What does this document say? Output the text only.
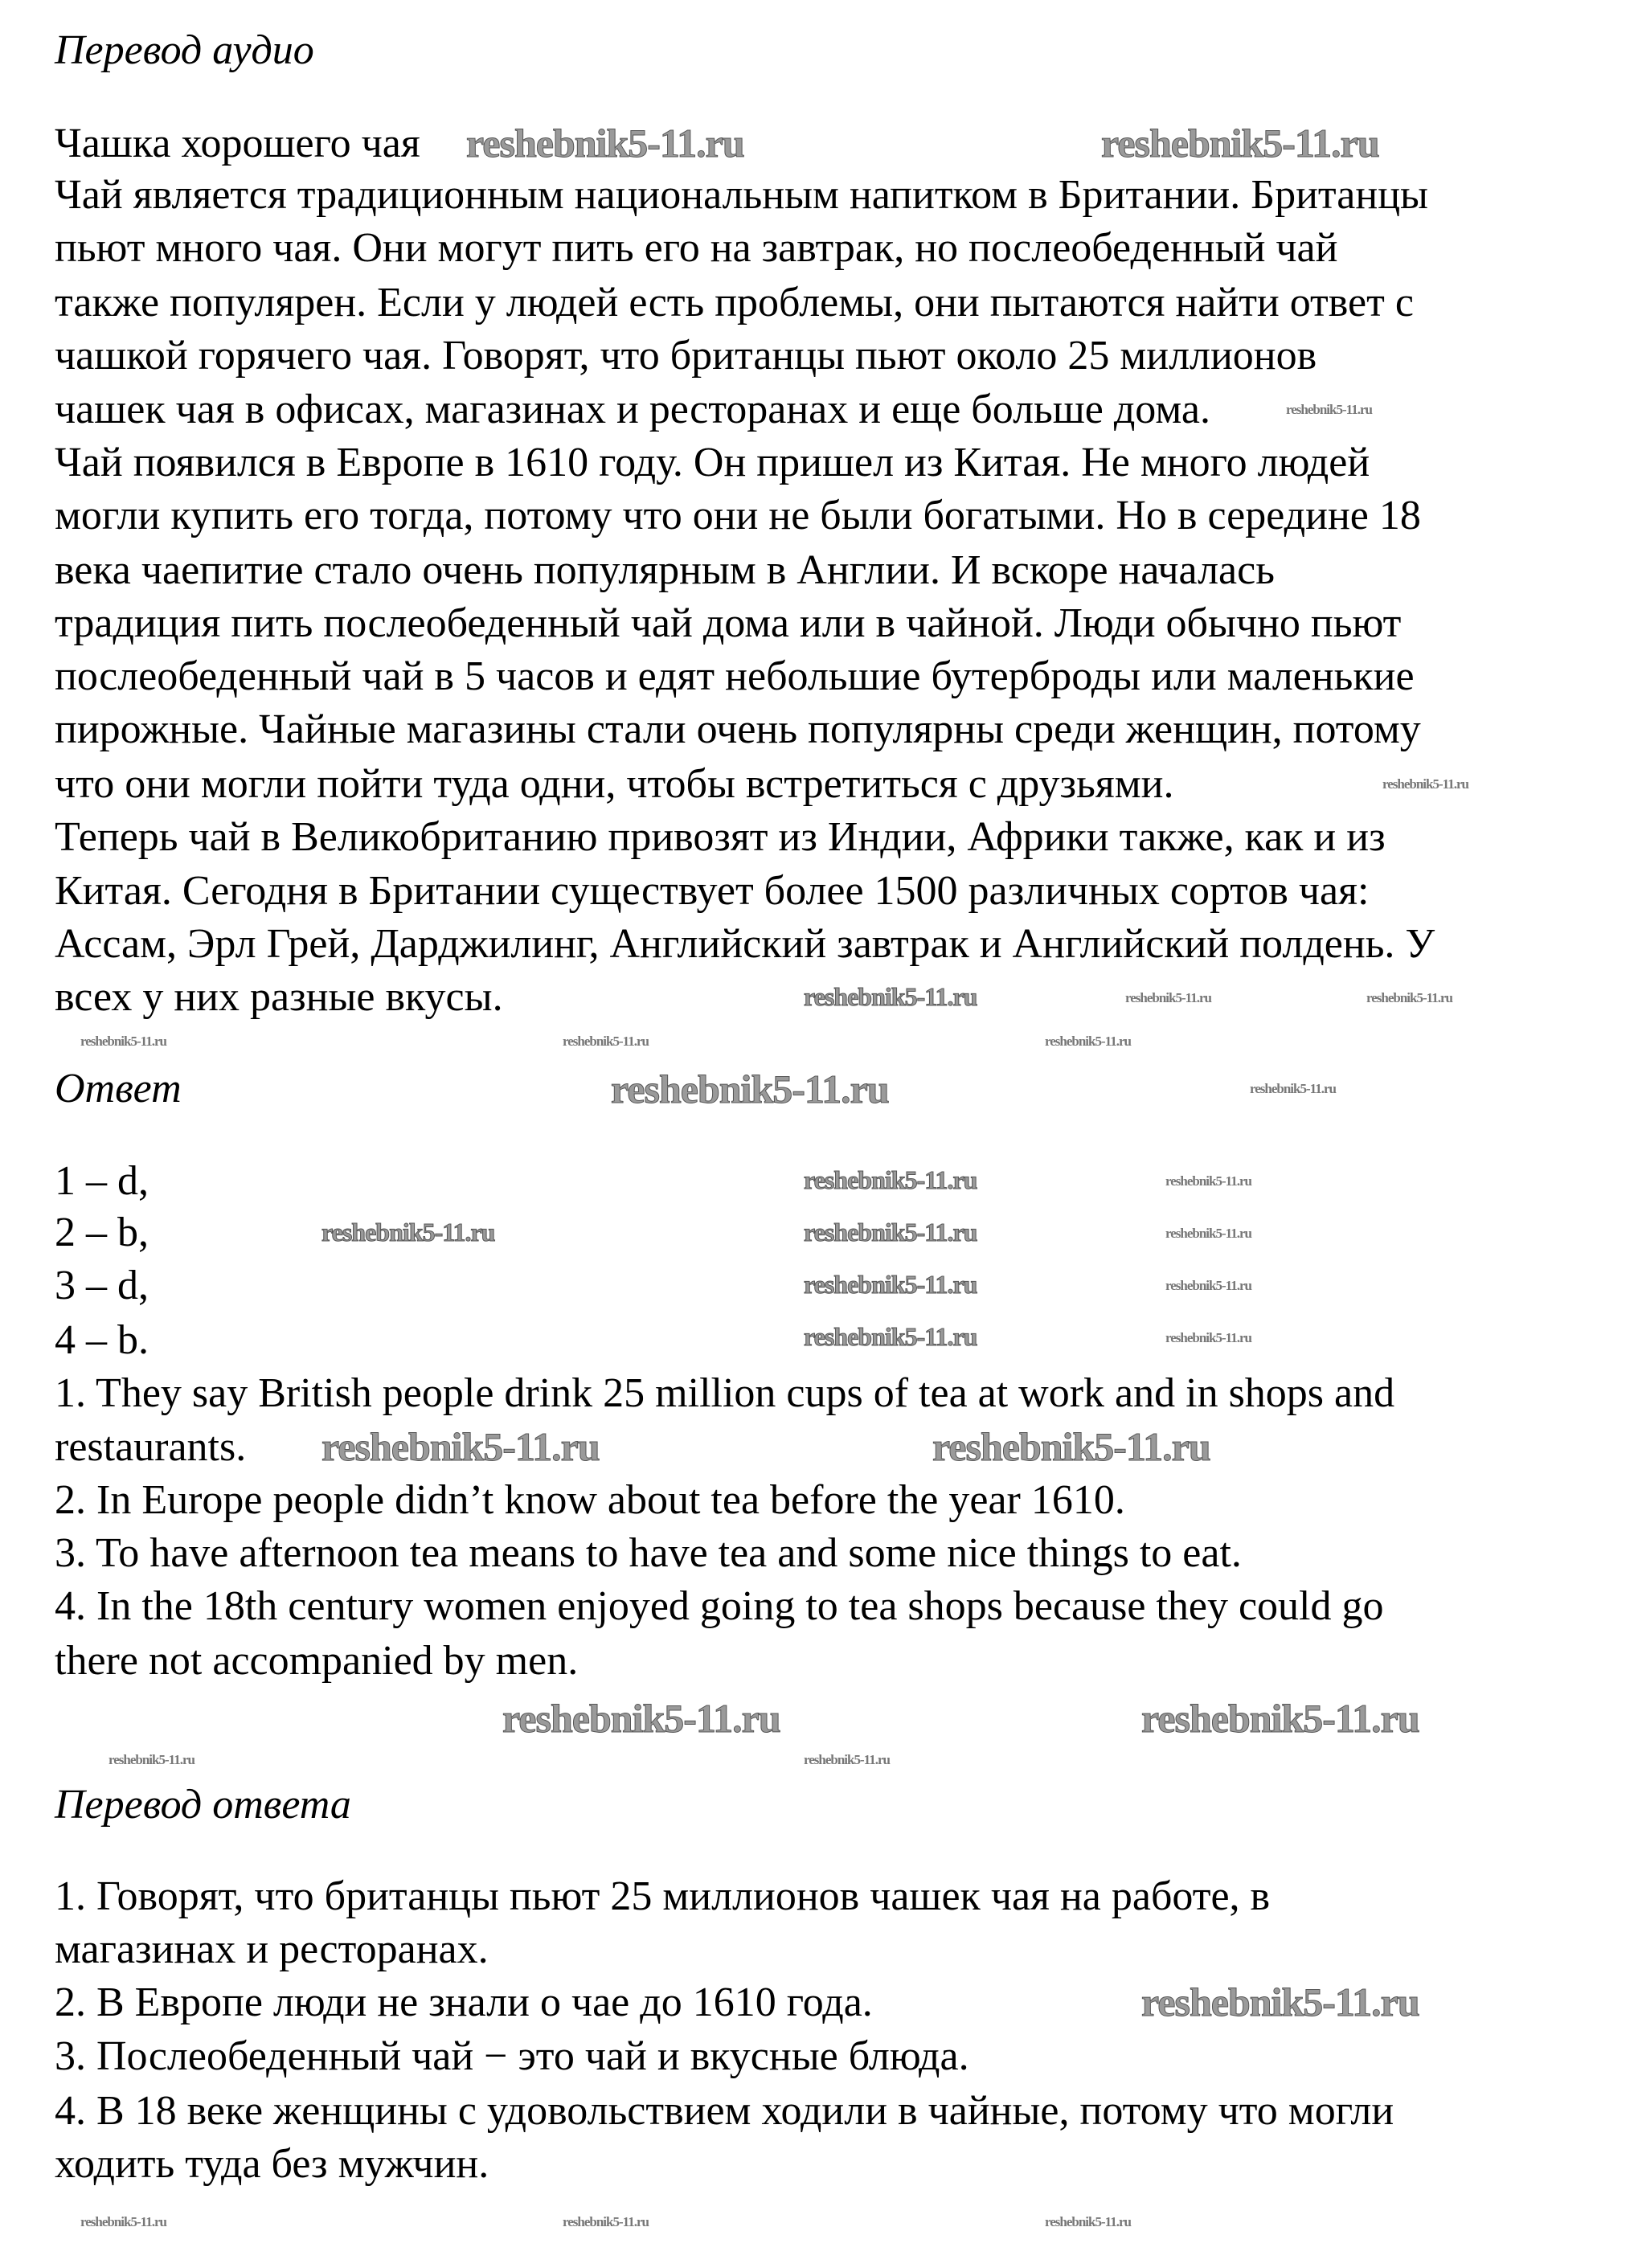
Перевод аудио
Чашка хорошего чая
Чай является традиционным национальным напитком в Британии. Британцы
пьют много чая. Они могут пить его на завтрак, но послеобеденный чай
также популярен. Если у людей есть проблемы, они пытаются найти ответ с
чашкой горячего чая. Говорят, что британцы пьют около 25 миллионов
чашек чая в офисах, магазинах и ресторанах и еще больше дома.
Чай появился в Европе в 1610 году. Он пришел из Китая. Не много людей
могли купить его тогда, потому что они не были богатыми. Но в середине 18
века чаепитие стало очень популярным в Англии. И вскоре началась
традиция пить послеобеденный чай дома или в чайной. Люди обычно пьют
послеобеденный чай в 5 часов и едят небольшие бутерброды или маленькие
пирожные. Чайные магазины стали очень популярны среди женщин, потому
что они могли пойти туда одни, чтобы встретиться с друзьями.
Теперь чай в Великобританию привозят из Индии, Африки также, как и из
Китая. Сегодня в Британии существует более 1500 различных сортов чая:
Ассам, Эрл Грей, Дарджилинг, Английский завтрак и Английский полдень. У
всех у них разные вкусы.
Ответ
1 – d,
2 – b,
3 – d,
4 – b.
1. They say British people drink 25 million cups of tea at work and in shops and
restaurants.
2. In Europe people didn’t know about tea before the year 1610.
3. To have afternoon tea means to have tea and some nice things to eat.
4. In the 18th century women enjoyed going to tea shops because they could go
there not accompanied by men.
Перевод ответа
1. Говорят, что британцы пьют 25 миллионов чашек чая на работе, в
магазинах и ресторанах.
2. В Европе люди не знали о чае до 1610 года.
3. Послеобеденный чай − это чай и вкусные блюда.
4. В 18 веке женщины с удовольствием ходили в чайные, потому что могли
ходить туда без мужчин.
reshebnik5-11.ru	reshebnik5-11.ru
reshebnik5-11.ru
reshebnik5-11.ru	reshebnik5-11.ru
reshebnik5-11.ru	reshebnik5-11.ru
reshebnik5-11.ru
reshebnik5-11.ru
reshebnik5-11.ru
reshebnik5-11.ru
reshebnik5-11.ru
reshebnik5-11.ru
reshebnik5-11.ru
reshebnik5-11.ru
reshebnik5-11.ru
reshebnik5-11.ru	reshebnik5-11.ru
reshebnik5-11.ru	reshebnik5-11.ru	reshebnik5-11.ru
reshebnik5-11.ru
reshebnik5-11.ru
reshebnik5-11.ru
reshebnik5-11.ru
reshebnik5-11.ru
reshebnik5-11.ru	reshebnik5-11.ru
reshebnik5-11.ru	reshebnik5-11.ru	reshebnik5-11.ru
